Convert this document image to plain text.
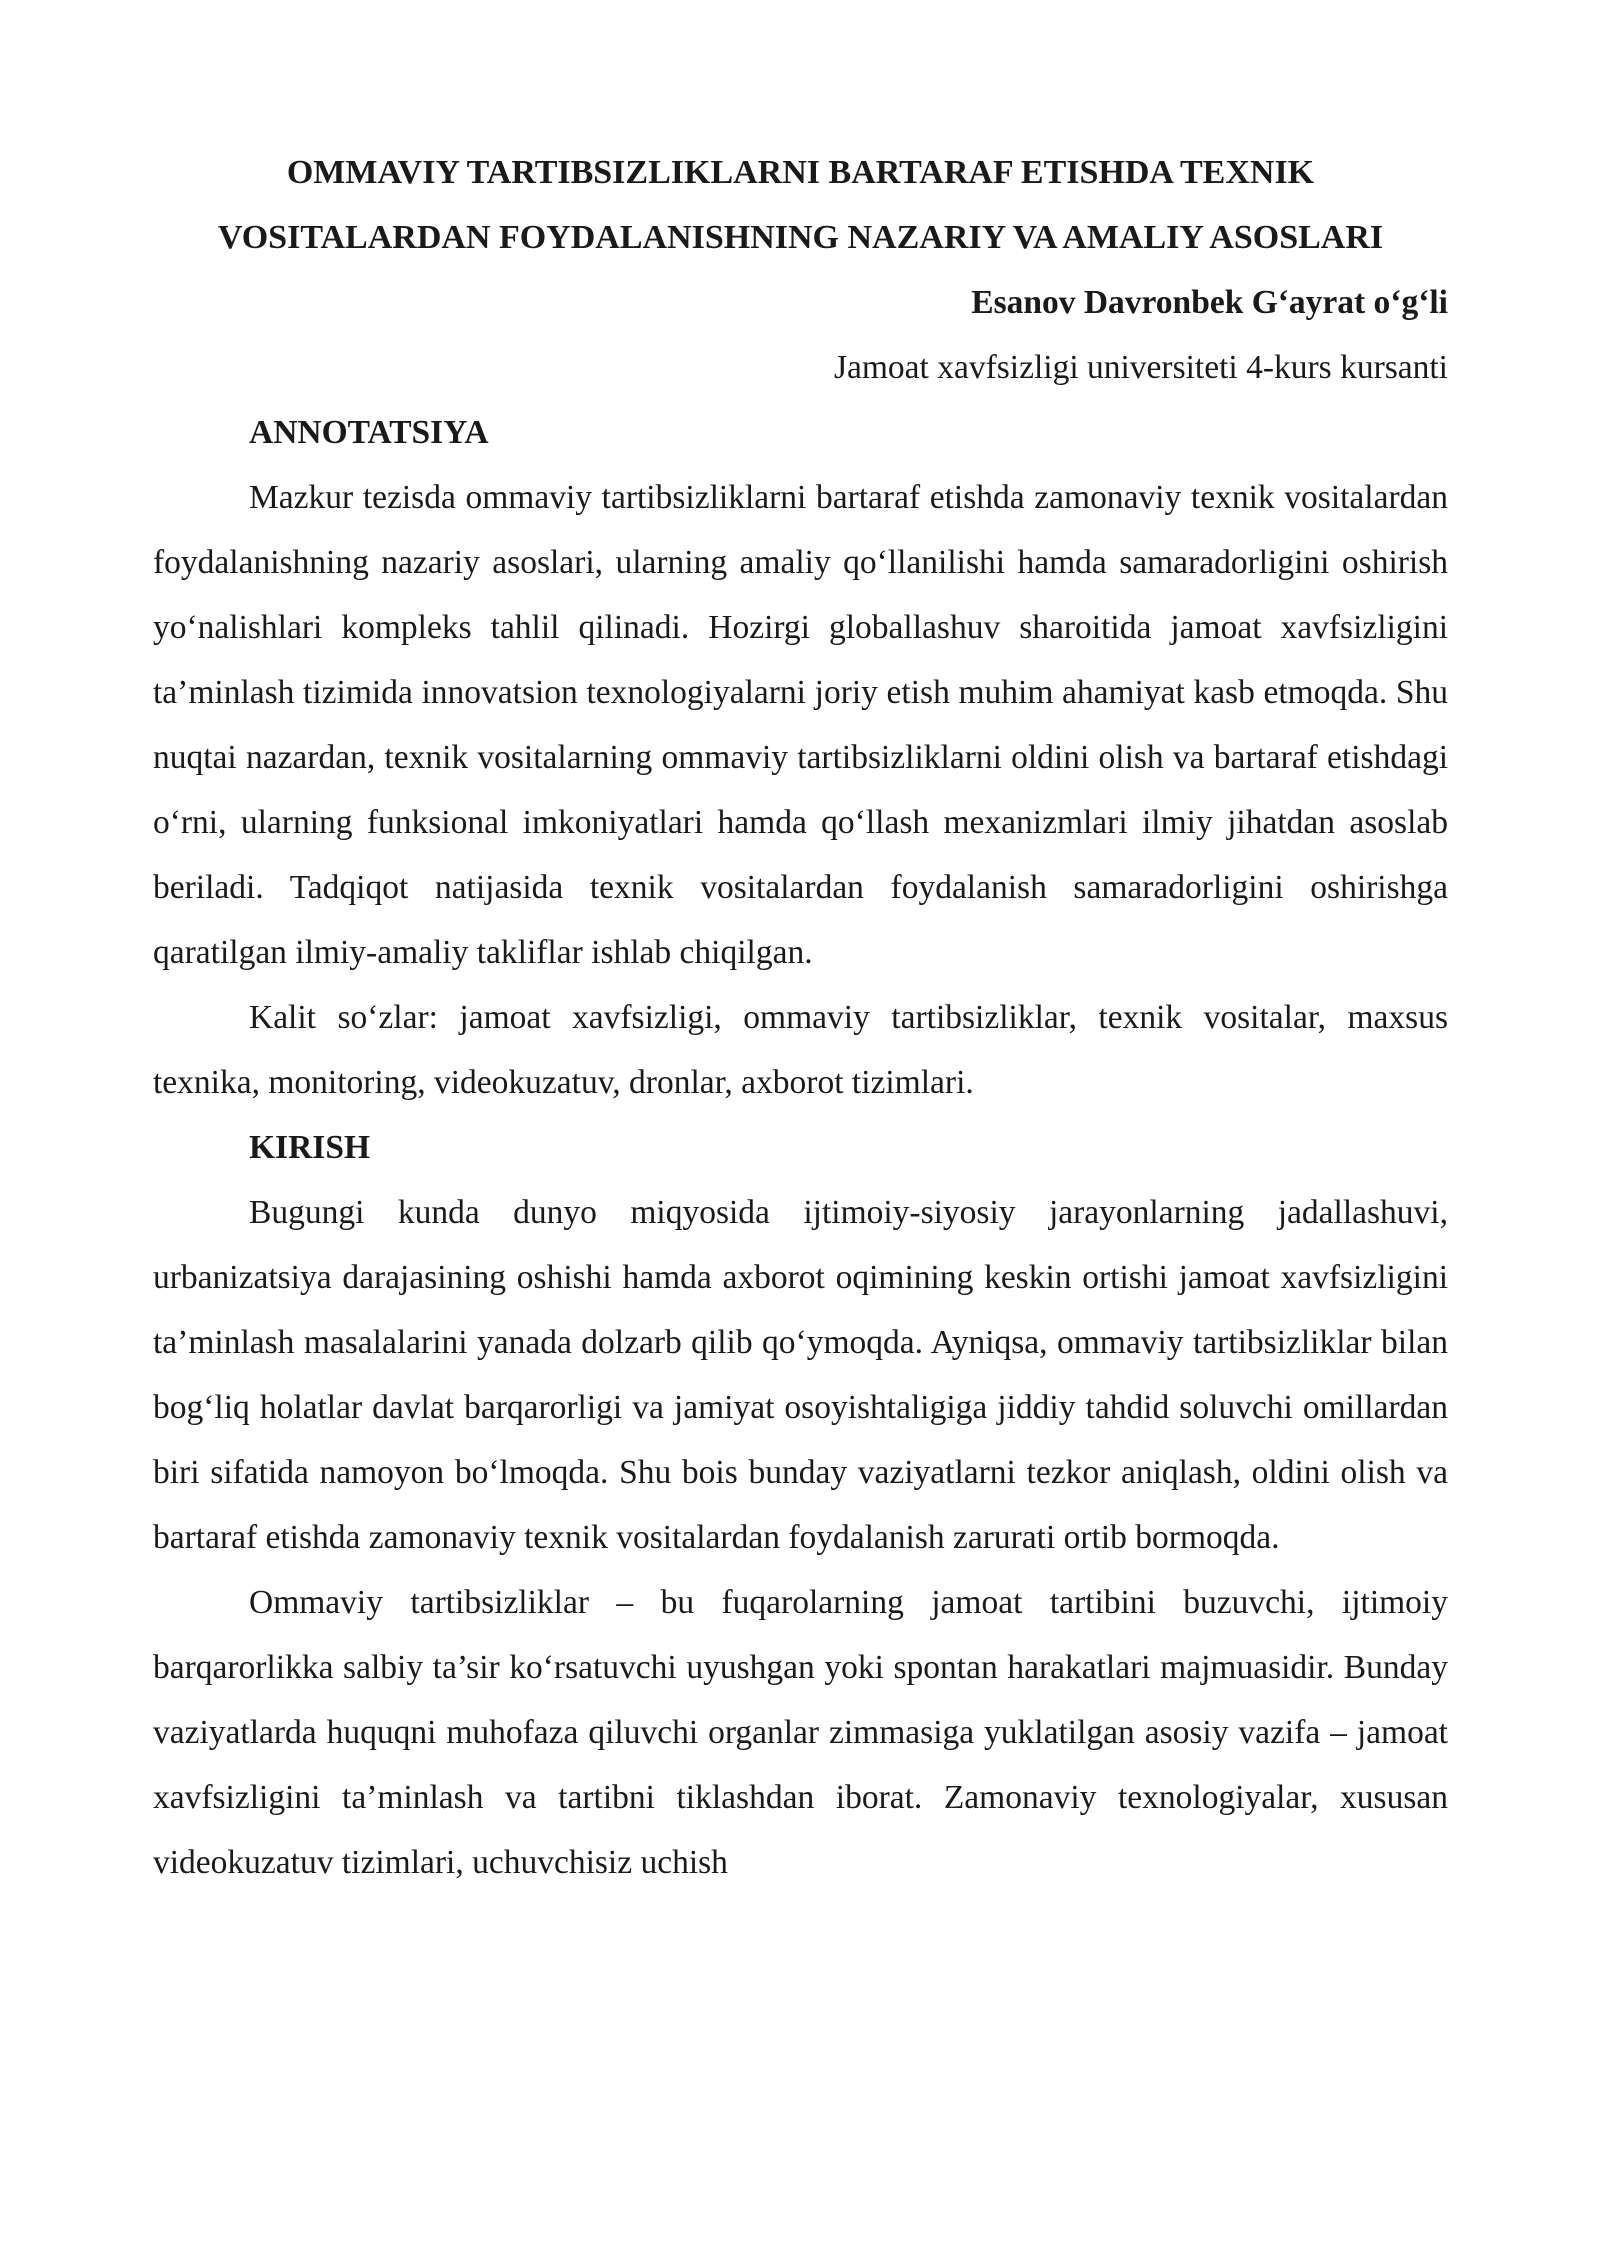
OMMAVIY TARTIBSIZLIKLARNI BARTARAF ETISHDA TEXNIK VOSITALARDAN FOYDALANISHNING NAZARIY VA AMALIY ASOSLARI

Esanov Davronbek G‘ayrat o‘g‘li

Jamoat xavfsizligi universiteti 4-kurs kursanti

ANNOTATSIYA

Mazkur tezisda ommaviy tartibsizliklarni bartaraf etishda zamonaviy texnik vositalardan foydalanishning nazariy asoslari, ularning amaliy qo‘llanilishi hamda samaradorligini oshirish yo‘nalishlari kompleks tahlil qilinadi. Hozirgi globallashuv sharoitida jamoat xavfsizligini ta’minlash tizimida innovatsion texnologiyalarni joriy etish muhim ahamiyat kasb etmoqda. Shu nuqtai nazardan, texnik vositalarning ommaviy tartibsizliklarni oldini olish va bartaraf etishdagi o‘rni, ularning funksional imkoniyatlari hamda qo‘llash mexanizmlari ilmiy jihatdan asoslab beriladi. Tadqiqot natijasida texnik vositalardan foydalanish samaradorligini oshirishga qaratilgan ilmiy-amaliy takliflar ishlab chiqilgan.

Kalit so‘zlar: jamoat xavfsizligi, ommaviy tartibsizliklar, texnik vositalar, maxsus texnika, monitoring, videokuzatuv, dronlar, axborot tizimlari.

KIRISH

Bugungi kunda dunyo miqyosida ijtimoiy-siyosiy jarayonlarning jadallashuvi, urbanizatsiya darajasining oshishi hamda axborot oqimining keskin ortishi jamoat xavfsizligini ta’minlash masalalarini yanada dolzarb qilib qo‘ymoqda. Ayniqsa, ommaviy tartibsizliklar bilan bog‘liq holatlar davlat barqarorligi va jamiyat osoyishtaligiga jiddiy tahdid soluvchi omillardan biri sifatida namoyon bo‘lmoqda. Shu bois bunday vaziyatlarni tezkor aniqlash, oldini olish va bartaraf etishda zamonaviy texnik vositalardan foydalanish zarurati ortib bormoqda.

Ommaviy tartibsizliklar – bu fuqarolarning jamoat tartibini buzuvchi, ijtimoiy barqarorlikka salbiy ta’sir ko‘rsatuvchi uyushgan yoki spontan harakatlari majmuasidir. Bunday vaziyatlarda huquqni muhofaza qiluvchi organlar zimmasiga yuklatilgan asosiy vazifa – jamoat xavfsizligini ta’minlash va tartibni tiklashdan iborat. Zamonaviy texnologiyalar, xususan videokuzatuv tizimlari, uchuvchisiz uchish
